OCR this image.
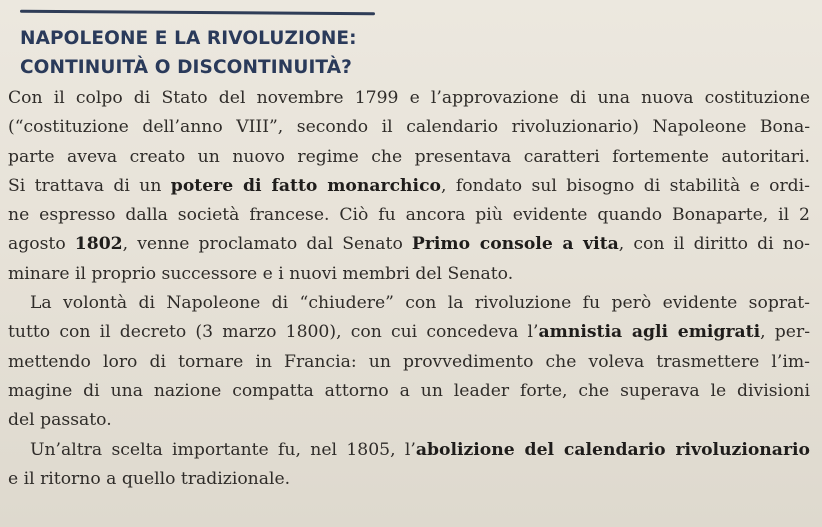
NAPOLEONE E LA RIVOLUZIONE:
CONTINUITÀ O DISCONTINUITÀ?
Con il colpo di Stato del novembre 1799 e l’approvazione di una nuova costituzione
(“costituzione dell’anno VIII”, secondo il calendario rivoluzionario) Napoleone Bona-
parte aveva creato un nuovo regime che presentava caratteri fortemente autoritari.
Si trattava di un potere di fatto monarchico, fondato sul bisogno di stabilità e ordi-
ne espresso dalla società francese. Ciò fu ancora più evidente quando Bonaparte, il 2
agosto 1802, venne proclamato dal Senato Primo console a vita, con il diritto di no-
minare il proprio successore e i nuovi membri del Senato.
La volontà di Napoleone di “chiudere” con la rivoluzione fu però evidente soprat-
tutto con il decreto (3 marzo 1800), con cui concedeva l’amnistia agli emigrati, per-
mettendo loro di tornare in Francia: un provvedimento che voleva trasmettere l’im-
magine di una nazione compatta attorno a un leader forte, che superava le divisioni
del passato.
Un’altra scelta importante fu, nel 1805, l’abolizione del calendario rivoluzionario
e il ritorno a quello tradizionale.
